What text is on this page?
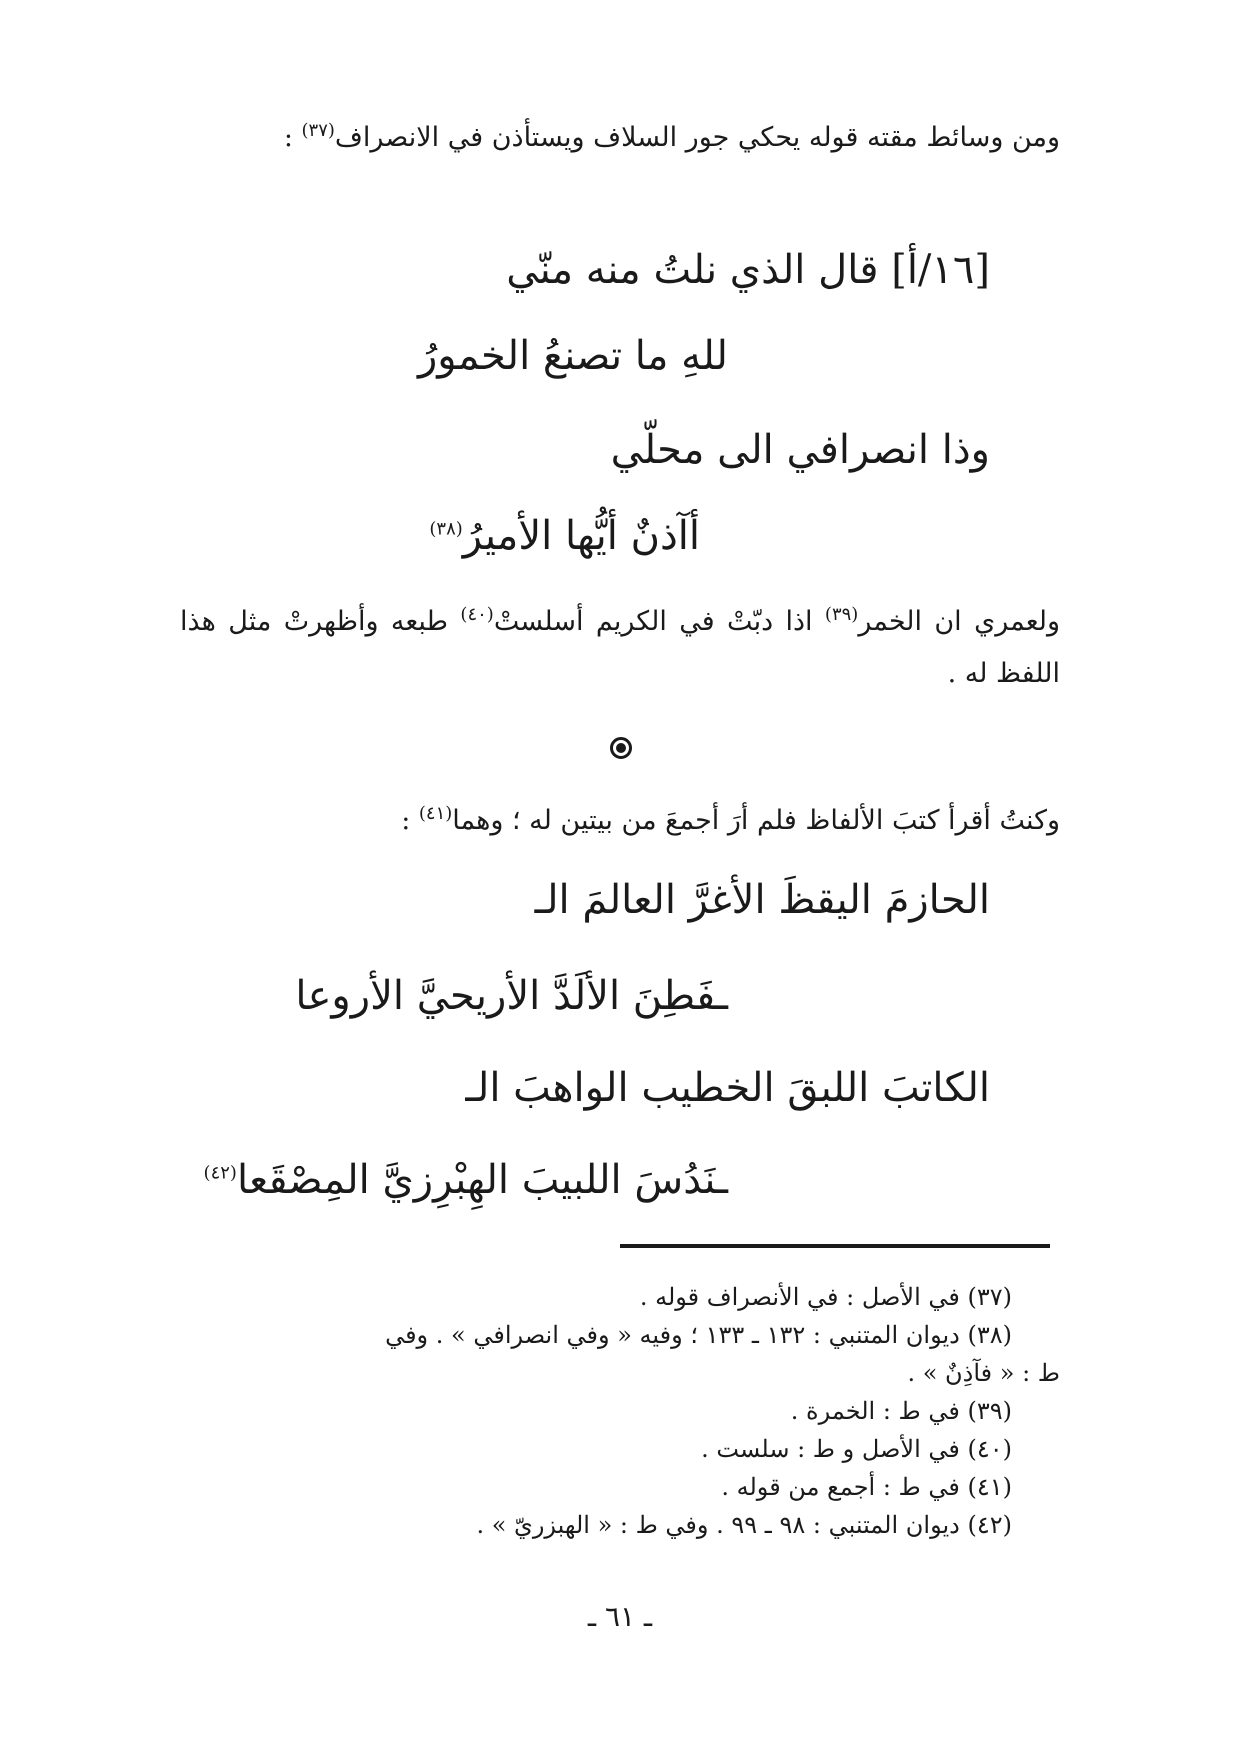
ومن وسائط مقته قوله يحكي جور السلاف ويستأذن في الانصراف$^{(٣٧)}$ :

[١٦/أ] قال الذي نلتُ منه منّي

للهِ ما تصنعُ الخمورُ

وذا انصرافي الى محلّي

أآذنٌ أيُّها الأميرُ$^{(٣٨)}$

ولعمري ان الخمر$^{(٣٩)}$ اذا دبّتْ في الكريم أسلستْ$^{(٤٠)}$ طبعه وأظهرتْ مثل هذا اللفظ له .

وكنتُ أقرأ كتبَ الألفاظ فلم أرَ أجمعَ من بيتين له ؛ وهما$^{(٤١)}$ :

الحازمَ اليقظَ الأغرَّ العالمَ الـ

ـفَطِنَ الألَدَّ الأريحيَّ الأروعا

الكاتبَ اللبقَ الخطيب الواهبَ الـ

ـنَدُسَ اللبيبَ الهِبْرِزيَّ المِصْقَعا$^{(٤٢)}$

(٣٧) في الأصل : في الأنصراف قوله .
(٣٨) ديوان المتنبي : ١٣٢ ـ ١٣٣ ؛ وفيه « وفي انصرافي » . وفي
ط : « فآذِنٌ » .
(٣٩) في ط : الخمرة .
(٤٠) في الأصل و ط : سلست .
(٤١) في ط : أجمع من قوله .
(٤٢) ديوان المتنبي : ٩٨ ـ ٩٩ . وفي ط : « الهبزريّ » .

ـ ٦١ ـ
